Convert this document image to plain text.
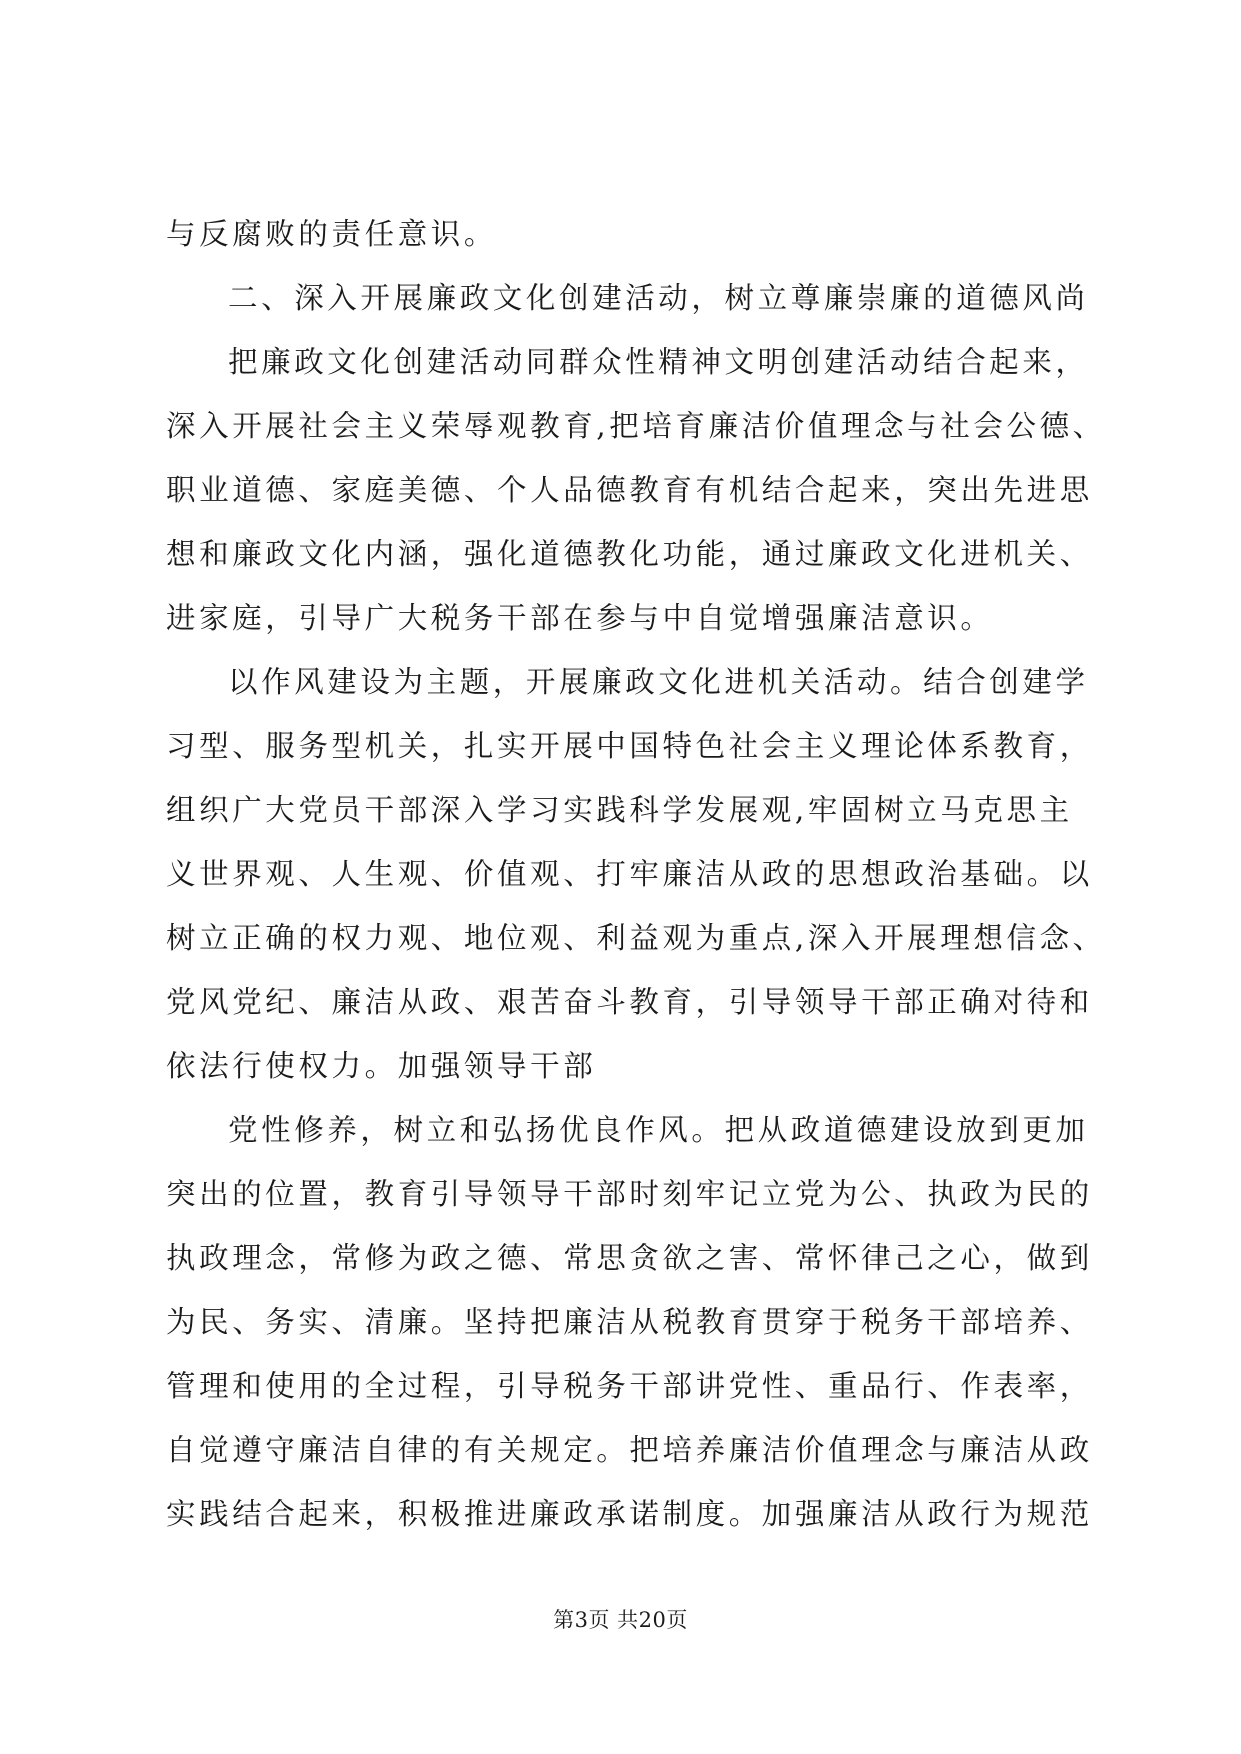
与反腐败的责任意识。
二、深入开展廉政文化创建活动，树立尊廉崇廉的道德风尚
把廉政文化创建活动同群众性精神文明创建活动结合起来，
深入开展社会主义荣辱观教育,把培育廉洁价值理念与社会公德、
职业道德、家庭美德、个人品德教育有机结合起来，突出先进思
想和廉政文化内涵，强化道德教化功能，通过廉政文化进机关、
进家庭，引导广大税务干部在参与中自觉增强廉洁意识。
以作风建设为主题，开展廉政文化进机关活动。结合创建学
习型、服务型机关，扎实开展中国特色社会主义理论体系教育，
组织广大党员干部深入学习实践科学发展观,牢固树立马克思主
义世界观、人生观、价值观、打牢廉洁从政的思想政治基础。以
树立正确的权力观、地位观、利益观为重点,深入开展理想信念、
党风党纪、廉洁从政、艰苦奋斗教育，引导领导干部正确对待和
依法行使权力。加强领导干部
党性修养，树立和弘扬优良作风。把从政道德建设放到更加
突出的位置，教育引导领导干部时刻牢记立党为公、执政为民的
执政理念，常修为政之德、常思贪欲之害、常怀律己之心，做到
为民、务实、清廉。坚持把廉洁从税教育贯穿于税务干部培养、
管理和使用的全过程，引导税务干部讲党性、重品行、作表率，
自觉遵守廉洁自律的有关规定。把培养廉洁价值理念与廉洁从政
实践结合起来，积极推进廉政承诺制度。加强廉洁从政行为规范
第3页 共20页
